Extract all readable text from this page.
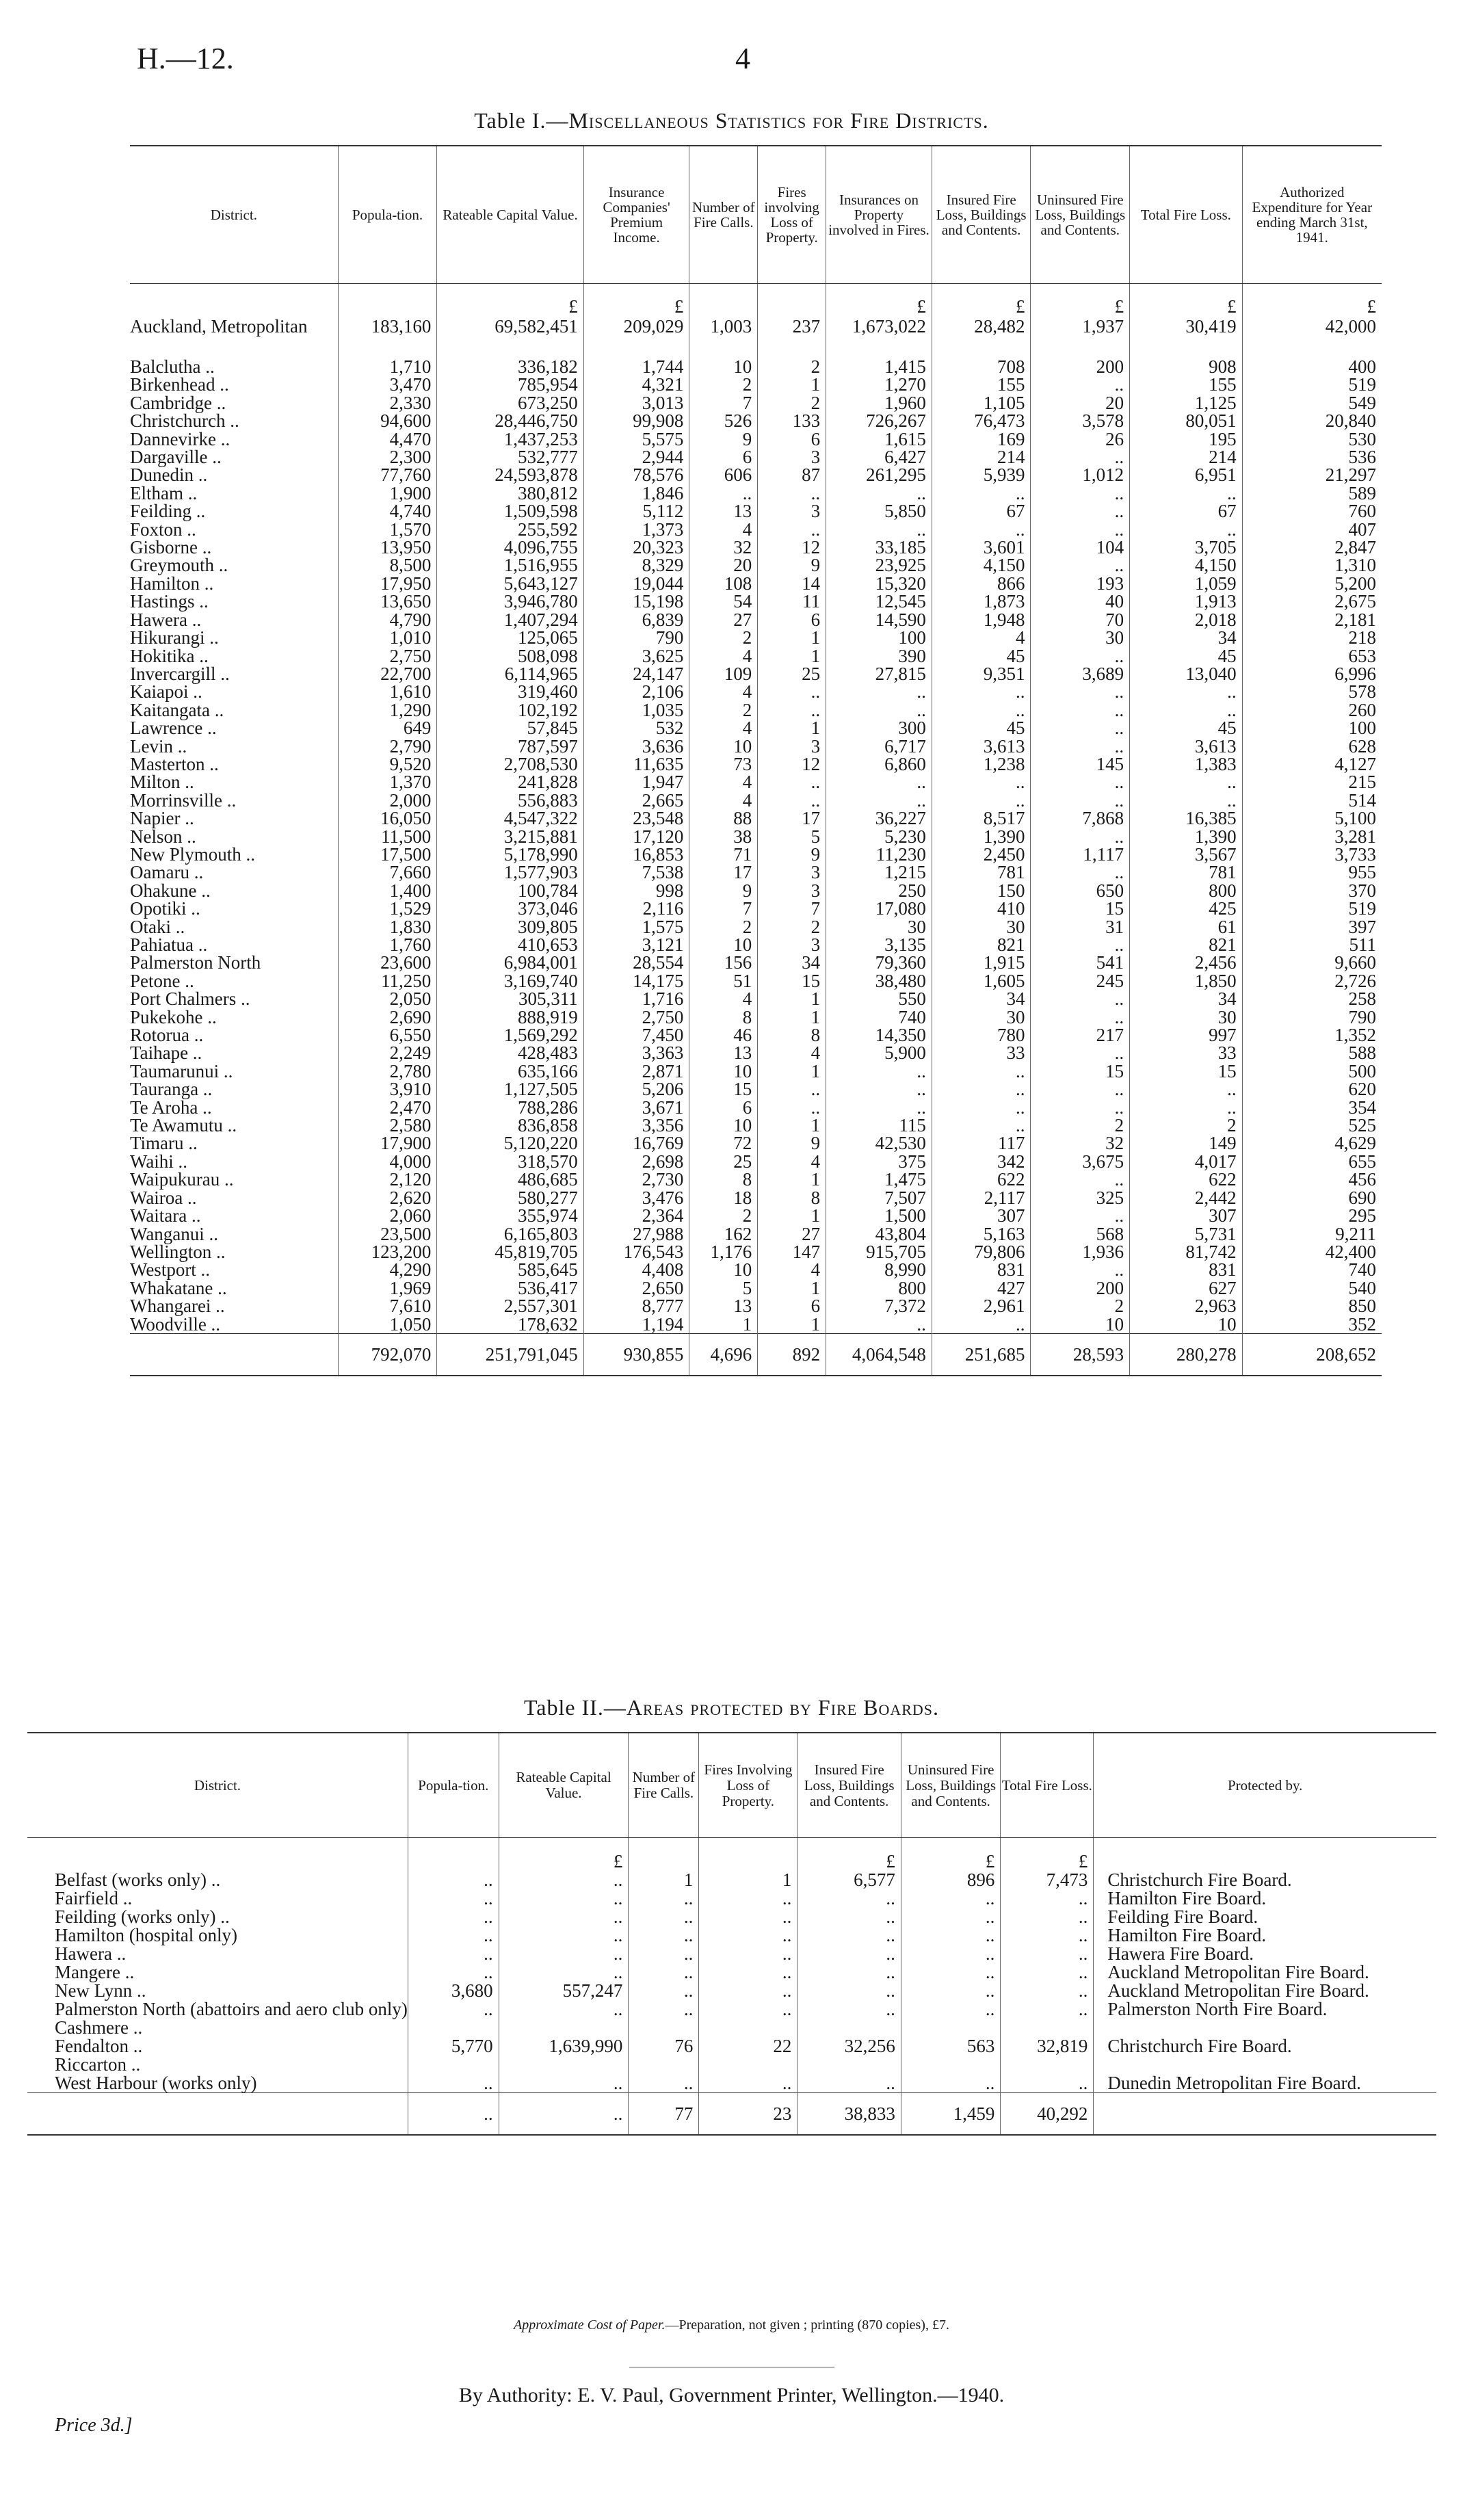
H.—12.	4
Table I.—Miscellaneous Statistics for Fire Districts.
District.	Popula-tion.	Rateable Capital Value.	Insurance Companies' Premium Income.	Number of Fire Calls.	Fires involving Loss of Property.	Insurances on Property involved in Fires.	Insured Fire Loss, Buildings and Contents.	Uninsured Fire Loss, Buildings and Contents.	Total Fire Loss.	Authorized Expenditure for Year ending March 31st, 1941.
		£	£			£	£	£	£	£
Auckland, Metropolitan	183,160	69,582,451	209,029	1,003	237	1,673,022	28,482	1,937	30,419	42,000
Balclutha ..	1,710	336,182	1,744	10	2	1,415	708	200	908	400
Birkenhead ..	3,470	785,954	4,321	2	1	1,270	155	..	155	519
Cambridge ..	2,330	673,250	3,013	7	2	1,960	1,105	20	1,125	549
Christchurch ..	94,600	28,446,750	99,908	526	133	726,267	76,473	3,578	80,051	20,840
Dannevirke ..	4,470	1,437,253	5,575	9	6	1,615	169	26	195	530
Dargaville ..	2,300	532,777	2,944	6	3	6,427	214	..	214	536
Dunedin ..	77,760	24,593,878	78,576	606	87	261,295	5,939	1,012	6,951	21,297
Eltham ..	1,900	380,812	1,846	..	..	..	..	..	..	589
Feilding ..	4,740	1,509,598	5,112	13	3	5,850	67	..	67	760
Foxton ..	1,570	255,592	1,373	4	..	..	..	..	..	407
Gisborne ..	13,950	4,096,755	20,323	32	12	33,185	3,601	104	3,705	2,847
Greymouth ..	8,500	1,516,955	8,329	20	9	23,925	4,150	..	4,150	1,310
Hamilton ..	17,950	5,643,127	19,044	108	14	15,320	866	193	1,059	5,200
Hastings ..	13,650	3,946,780	15,198	54	11	12,545	1,873	40	1,913	2,675
Hawera ..	4,790	1,407,294	6,839	27	6	14,590	1,948	70	2,018	2,181
Hikurangi ..	1,010	125,065	790	2	1	100	4	30	34	218
Hokitika ..	2,750	508,098	3,625	4	1	390	45	..	45	653
Invercargill ..	22,700	6,114,965	24,147	109	25	27,815	9,351	3,689	13,040	6,996
Kaiapoi ..	1,610	319,460	2,106	4	..	..	..	..	..	578
Kaitangata ..	1,290	102,192	1,035	2	..	..	..	..	..	260
Lawrence ..	649	57,845	532	4	1	300	45	..	45	100
Levin ..	2,790	787,597	3,636	10	3	6,717	3,613	..	3,613	628
Masterton ..	9,520	2,708,530	11,635	73	12	6,860	1,238	145	1,383	4,127
Milton ..	1,370	241,828	1,947	4	..	..	..	..	..	215
Morrinsville ..	2,000	556,883	2,665	4	..	..	..	..	..	514
Napier ..	16,050	4,547,322	23,548	88	17	36,227	8,517	7,868	16,385	5,100
Nelson ..	11,500	3,215,881	17,120	38	5	5,230	1,390	..	1,390	3,281
New Plymouth ..	17,500	5,178,990	16,853	71	9	11,230	2,450	1,117	3,567	3,733
Oamaru ..	7,660	1,577,903	7,538	17	3	1,215	781	..	781	955
Ohakune ..	1,400	100,784	998	9	3	250	150	650	800	370
Opotiki ..	1,529	373,046	2,116	7	7	17,080	410	15	425	519
Otaki ..	1,830	309,805	1,575	2	2	30	30	31	61	397
Pahiatua ..	1,760	410,653	3,121	10	3	3,135	821	..	821	511
Palmerston North	23,600	6,984,001	28,554	156	34	79,360	1,915	541	2,456	9,660
Petone ..	11,250	3,169,740	14,175	51	15	38,480	1,605	245	1,850	2,726
Port Chalmers ..	2,050	305,311	1,716	4	1	550	34	..	34	258
Pukekohe ..	2,690	888,919	2,750	8	1	740	30	..	30	790
Rotorua ..	6,550	1,569,292	7,450	46	8	14,350	780	217	997	1,352
Taihape ..	2,249	428,483	3,363	13	4	5,900	33	..	33	588
Taumarunui ..	2,780	635,166	2,871	10	1	..	..	15	15	500
Tauranga ..	3,910	1,127,505	5,206	15	..	..	..	..	..	620
Te Aroha ..	2,470	788,286	3,671	6	..	..	..	..	..	354
Te Awamutu ..	2,580	836,858	3,356	10	1	115	..	2	2	525
Timaru ..	17,900	5,120,220	16,769	72	9	42,530	117	32	149	4,629
Waihi ..	4,000	318,570	2,698	25	4	375	342	3,675	4,017	655
Waipukurau ..	2,120	486,685	2,730	8	1	1,475	622	..	622	456
Wairoa ..	2,620	580,277	3,476	18	8	7,507	2,117	325	2,442	690
Waitara ..	2,060	355,974	2,364	2	1	1,500	307	..	307	295
Wanganui ..	23,500	6,165,803	27,988	162	27	43,804	5,163	568	5,731	9,211
Wellington ..	123,200	45,819,705	176,543	1,176	147	915,705	79,806	1,936	81,742	42,400
Westport ..	4,290	585,645	4,408	10	4	8,990	831	..	831	740
Whakatane ..	1,969	536,417	2,650	5	1	800	427	200	627	540
Whangarei ..	7,610	2,557,301	8,777	13	6	7,372	2,961	2	2,963	850
Woodville ..	1,050	178,632	1,194	1	1	..	..	10	10	352
	792,070	251,791,045	930,855	4,696	892	4,064,548	251,685	28,593	280,278	208,652
Table II.—Areas protected by Fire Boards.
District.	Popula-tion.	Rateable Capital Value.	Number of Fire Calls.	Fires Involving Loss of Property.	Insured Fire Loss, Buildings and Contents.	Uninsured Fire Loss, Buildings and Contents.	Total Fire Loss.	Protected by.
		£			£	£	£	
Belfast (works only) ..	..	..	1	1	6,577	896	7,473	Christchurch Fire Board.
Fairfield ..	..	..	..	..	..	..	..	Hamilton Fire Board.
Feilding (works only) ..	..	..	..	..	..	..	..	Feilding Fire Board.
Hamilton (hospital only)	..	..	..	..	..	..	..	Hamilton Fire Board.
Hawera ..	..	..	..	..	..	..	..	Hawera Fire Board.
Mangere ..	..	..	..	..	..	..	..	Auckland Metropolitan Fire Board.
New Lynn ..	3,680	557,247	..	..	..	..	..	Auckland Metropolitan Fire Board.
Palmerston North (abattoirs and aero club only)	..	..	..	..	..	..	..	Palmerston North Fire Board.
Cashmere ..								
Fendalton ..	5,770	1,639,990	76	22	32,256	563	32,819	Christchurch Fire Board.
Riccarton ..								
West Harbour (works only)	..	..	..	..	..	..	..	Dunedin Metropolitan Fire Board.
	..	..	77	23	38,833	1,459	40,292	
Approximate Cost of Paper.—Preparation, not given ; printing (870 copies), £7.
By Authority: E. V. Paul, Government Printer, Wellington.—1940.
Price 3d.]
